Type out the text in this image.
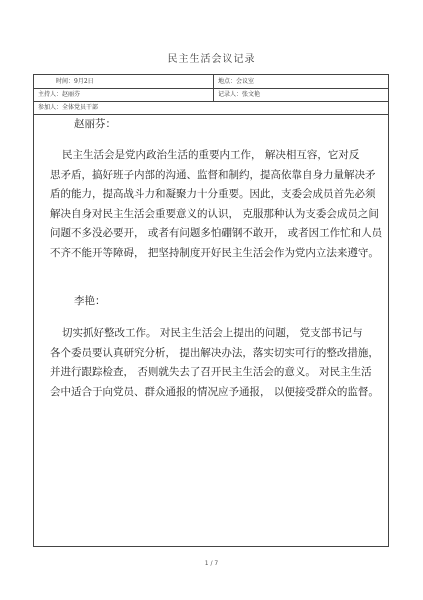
民主生活会议记录
时间：9月2日	地点：会议室
主持人：赵丽芬	记录人：张文艳
参加人：全体党员干部
赵丽芬：
民主生活会是党内政治生活的重要内工作， 解决相互容，它对反
思矛盾，搞好班子内部的沟通、监督和制约，提高依靠自身力量解决矛
盾的能力，提高战斗力和凝聚力十分重要。因此，支委会成员首先必须
解决自身对民主生活会重要意义的认识， 克服那种认为支委会成员之间
问题不多没必要开， 或者有问题多怕硼钢不敢开， 或者因工作忙和人员
不齐不能开等障碍， 把坚持制度开好民主生活会作为党内立法来遵守。
李艳：
切实抓好整改工作。 对民主生活会上提出的问题， 党支部书记与
各个委员要认真研究分析， 提出解决办法，落实切实可行的整改措施，
并进行跟踪检查， 否则就失去了召开民主生活会的意义。 对民主生活
会中适合于向党员、群众通报的情况应予通报， 以便接受群众的监督。
1 / 7
